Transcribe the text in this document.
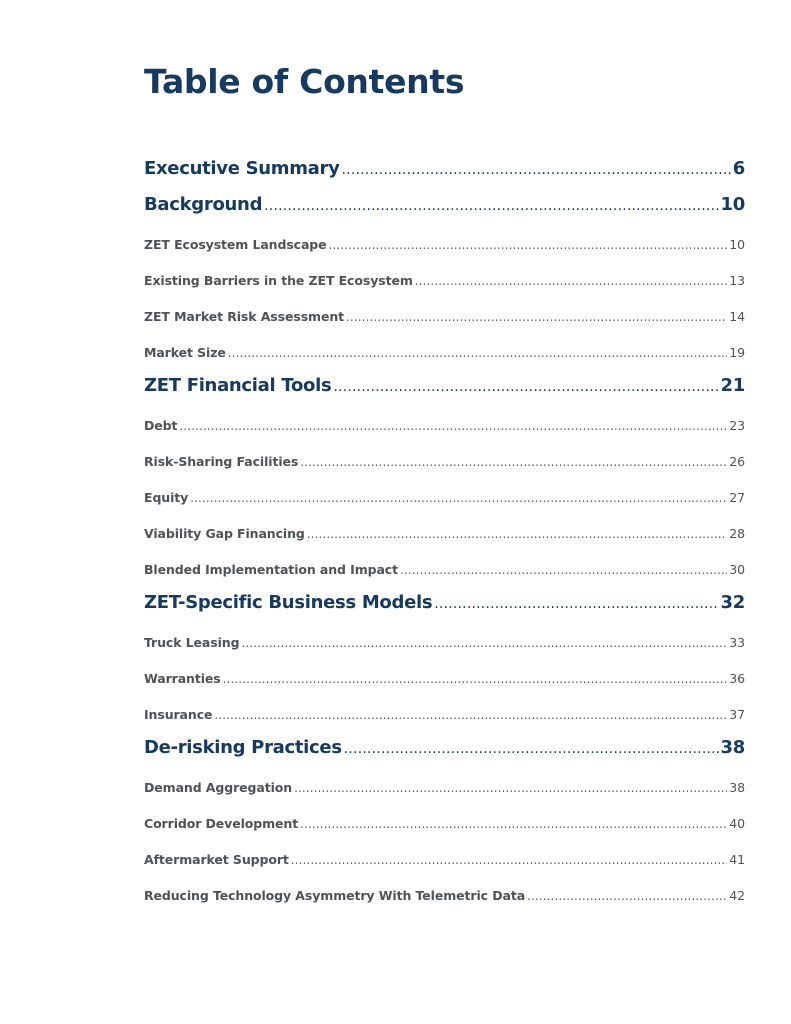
Table of Contents
Executive Summary .....	6
Background .....	10
ZET Ecosystem Landscape .....	10
Existing Barriers in the ZET Ecosystem .....	13
ZET Market Risk Assessment .....	14
Market Size .....	19
ZET Financial Tools .....	21
Debt .....	23
Risk-Sharing Facilities .....	26
Equity .....	27
Viability Gap Financing .....	28
Blended Implementation and Impact .....	30
ZET-Specific Business Models .....	32
Truck Leasing .....	33
Warranties .....	36
Insurance .....	37
De-risking Practices .....	38
Demand Aggregation .....	38
Corridor Development .....	40
Aftermarket Support .....	41
Reducing Technology Asymmetry With Telemetric Data .....	42
